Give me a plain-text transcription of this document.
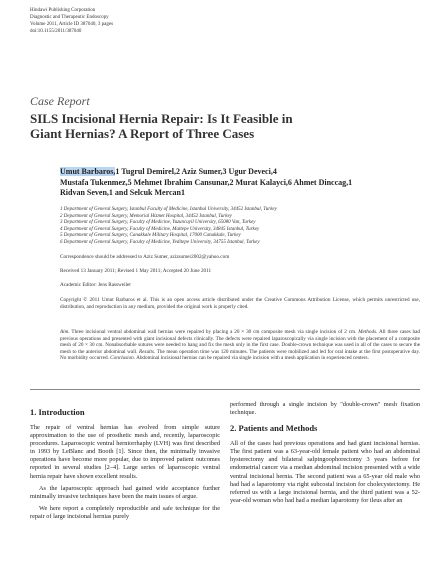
Hindawi Publishing Corporation
Diagnostic and Therapeutic Endoscopy
Volume 2011, Article ID 387040, 3 pages
doi:10.1155/2011/387040
Case Report
SILS Incisional Hernia Repair: Is It Feasible in
Giant Hernias? A Report of Three Cases
Umut Barbaros,1 Tugrul Demirel,2 Aziz Sumer,3 Ugur Deveci,4
Mustafa Tukenmez,5 Mehmet Ibrahim Cansunar,2 Murat Kalayci,6 Ahmet Dinccag,1
Ridvan Seven,1 and Selcuk Mercan1
1 Department of General Surgery, Istanbul Faculty of Medicine, Istanbul University, 34452 Istanbul, Turkey
2 Department of General Surgery, Memorial Hizmet Hospital, 34452 Istanbul, Turkey
3 Department of General Surgery, Faculty of Medicine, Yuzuncuyil University, 65080 Van, Turkey
4 Department of General Surgery, Faculty of Medicine, Maltepe University, 34845 Istanbul, Turkey
5 Department of General Surgery, Canakkale Military Hospital, 17000 Canakkale, Turkey
6 Department of General Surgery, Faculty of Medicine, Yeditepe University, 34755 Istanbul, Turkey
Correspondence should be addressed to Aziz Sumer, azizsumer2002@yahoo.com
Received 13 January 2011; Revised 1 May 2011; Accepted 20 June 2011
Academic Editor: Jens Rassweiler
Copyright © 2011 Umut Barbaros et al. This is an open access article distributed under the Creative Commons Attribution License, which permits unrestricted use, distribution, and reproduction in any medium, provided the original work is properly cited.
Aim. Three incisional ventral abdominal wall hernias were repaired by placing a 20 × 30 cm composite mesh via single incision of 2 cm. Methods. All three cases had previous operations and presented with giant incisional defects clinically. The defects were repaired laparoscopically via single incision with the placement of a composite mesh of 20 × 30 cm. Nonabsorbable sutures were needed to hang and fix the mesh only in the first case. Double-crown technique was used in all of the cases to secure the mesh to the anterior abdominal wall. Results. The mean operation time was 120 minutes. The patients were mobilized and led for oral intake at the first postoperative day. No morbidity occurred. Conclusion. Abdominal incisional hernias can be repaired via single incision with a mesh application in experienced centers.
1. Introduction

The repair of ventral hernias has evolved from simple suture approximation to the use of prosthetic mesh and, recently, laparoscopic procedures. Laparoscopic ventral herniorrhaphy (LVH) was first described in 1993 by LeBlanc and Booth [1]. Since then, the minimally invasive operations have become more popular, due to improved patient outcomes reported in several studies [2–4]. Large series of laparoscopic ventral hernia repair have shown excellent results.

As the laparoscopic approach had gained wide acceptance further minimally invasive techniques have been the main issues of argue.

We here report a completely reproducible and safe technique for the repair of large incisional hernias purely

performed through a single incision by "double-crown" mesh fixation technique.

2. Patients and Methods

All of the cases had previous operations and had giant incisional hernias. The first patient was a 63-year-old female patient who had an abdominal hysterectomy and bilateral salpingoophorectomy 3 years before for endometrial cancer via a median abdominal incision presented with a wide ventral incisional hernia. The second patient was a 65-year old male who had had a laparotomy via right subcostal incision for cholecystectomy. He referred us with a large incisional hernia, and the third patient was a 52-year-old woman who had had a median laparotomy for ileus after an
